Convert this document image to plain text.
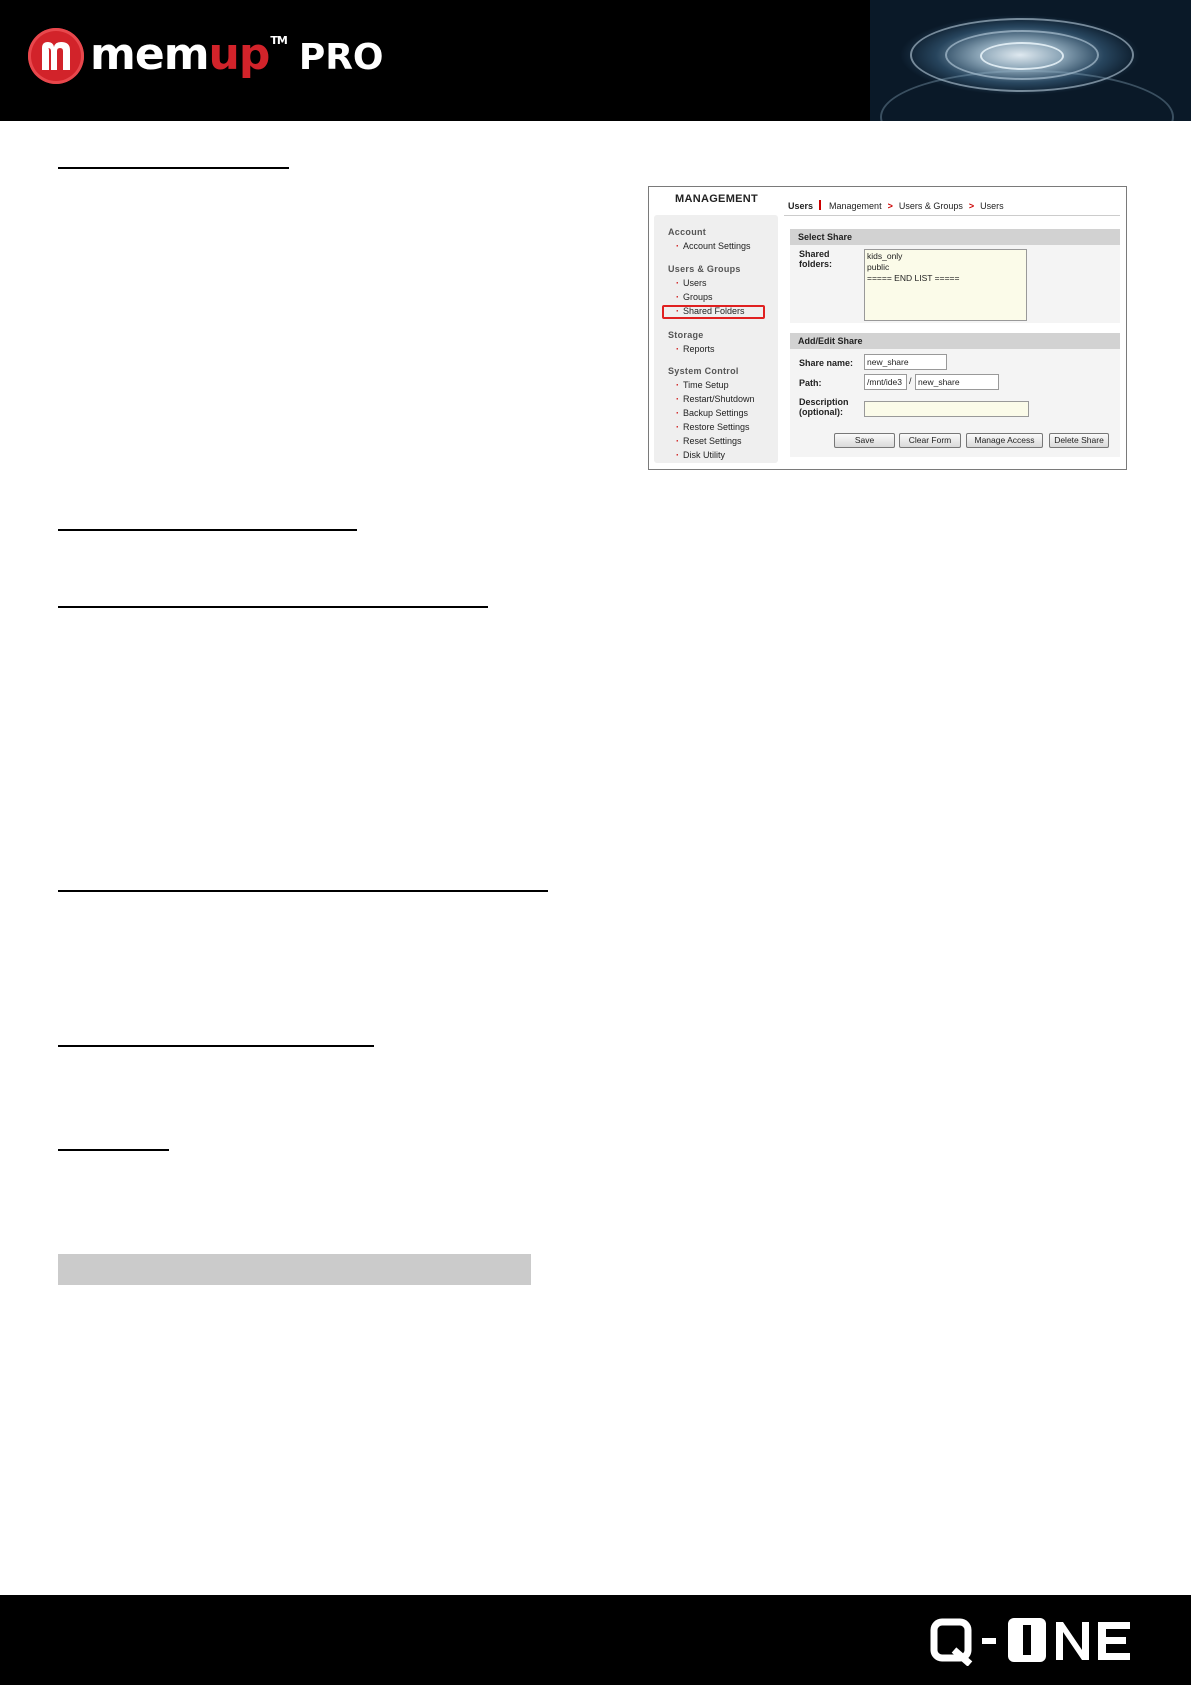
memup™ PRO
MANAGEMENT
Account
· Account Settings
Users & Groups
· Users
· Groups
· Shared Folders
Storage
· Reports
System Control
· Time Setup
· Restart/Shutdown
· Backup Settings
· Restore Settings
· Reset Settings
· Disk Utility
Users Management > Users & Groups > Users
Select Share
Shared folders:
kids_only
public
===== END LIST =====
Add/Edit Share
Share name:	new_share
Path:	/mnt/ide3 / new_share
Description (optional):
Save	Clear Form	Manage Access	Delete Share
